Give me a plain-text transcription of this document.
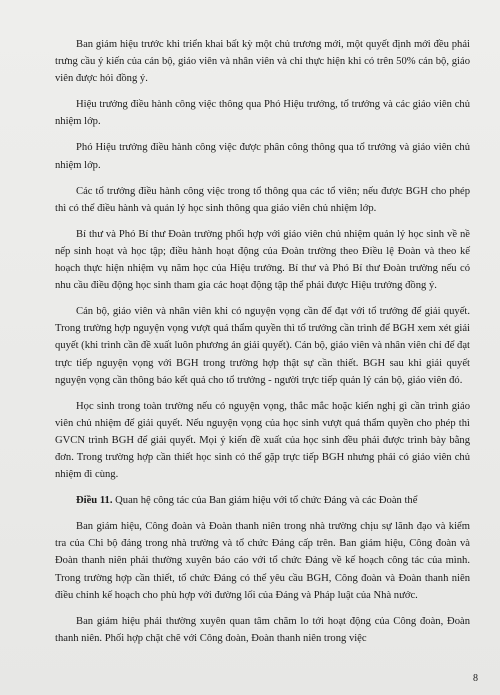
Ban giám hiệu trước khi triển khai bất kỳ một chủ trương mới, một quyết định mới đều phải trưng cầu ý kiến của cán bộ, giáo viên và nhân viên và chỉ thực hiện khi có trên 50% cán bộ, giáo viên được hỏi đồng ý.

Hiệu trưởng điều hành công việc thông qua Phó Hiệu trưởng, tổ trưởng và các giáo viên chủ nhiệm lớp.

Phó Hiệu trưởng điều hành công việc được phân công thông qua tổ trưởng và giáo viên chủ nhiệm lớp.

Các tổ trưởng điều hành công việc trong tổ thông qua các tổ viên; nếu được BGH cho phép thì có thể điều hành và quản lý học sinh thông qua giáo viên chủ nhiệm lớp.

Bí thư và Phó Bí thư Đoàn trường phối hợp với giáo viên chủ nhiệm quản lý học sinh về nề nếp sinh hoạt và học tập; điều hành hoạt động của Đoàn trường theo Điều lệ Đoàn và theo kế hoạch thực hiện nhiệm vụ năm học của Hiệu trưởng. Bí thư và Phó Bí thư Đoàn trường nếu có nhu cầu điều động học sinh tham gia các hoạt động tập thể phải được Hiệu trưởng đồng ý.

Cán bộ, giáo viên và nhân viên khi có nguyện vọng cần để đạt với tổ trưởng để giải quyết. Trong trường hợp nguyện vọng vượt quá thẩm quyền thì tổ trưởng cần trình để BGH xem xét giải quyết (khi trình cần đề xuất luôn phương án giải quyết). Cán bộ, giáo viên và nhân viên chỉ để đạt trực tiếp nguyện vọng với BGH trong trường hợp thật sự cần thiết. BGH sau khi giải quyết nguyện vọng cần thông báo kết quả cho tổ trưởng - người trực tiếp quản lý cán bộ, giáo viên đó.

Học sinh trong toàn trường nếu có nguyện vọng, thắc mắc hoặc kiến nghị gì cần trình giáo viên chủ nhiệm để giải quyết. Nếu nguyện vọng của học sinh vượt quá thẩm quyền cho phép thì GVCN trình BGH để giải quyết. Mọi ý kiến đề xuất của học sinh đều phải được trình bày bằng đơn. Trong trường hợp cần thiết học sinh có thể gặp trực tiếp BGH nhưng phải có giáo viên chủ nhiệm đi cùng.

Điều 11. Quan hệ công tác của Ban giám hiệu với tổ chức Đảng và các Đoàn thể

Ban giám hiệu, Công đoàn và Đoàn thanh niên trong nhà trường chịu sự lãnh đạo và kiểm tra của Chi bộ đảng trong nhà trường và tổ chức Đảng cấp trên. Ban giám hiệu, Công đoàn và Đoàn thanh niên phải thường xuyên báo cáo với tổ chức Đảng về kế hoạch công tác của mình. Trong trường hợp cần thiết, tổ chức Đảng có thể yêu cầu BGH, Công đoàn và Đoàn thanh niên điều chỉnh kế hoạch cho phù hợp với đường lối của Đảng và Pháp luật của Nhà nước.

Ban giám hiệu phải thường xuyên quan tâm chăm lo tới hoạt động của Công đoàn, Đoàn thanh niên. Phối hợp chặt chẽ với Công đoàn, Đoàn thanh niên trong việc

8
